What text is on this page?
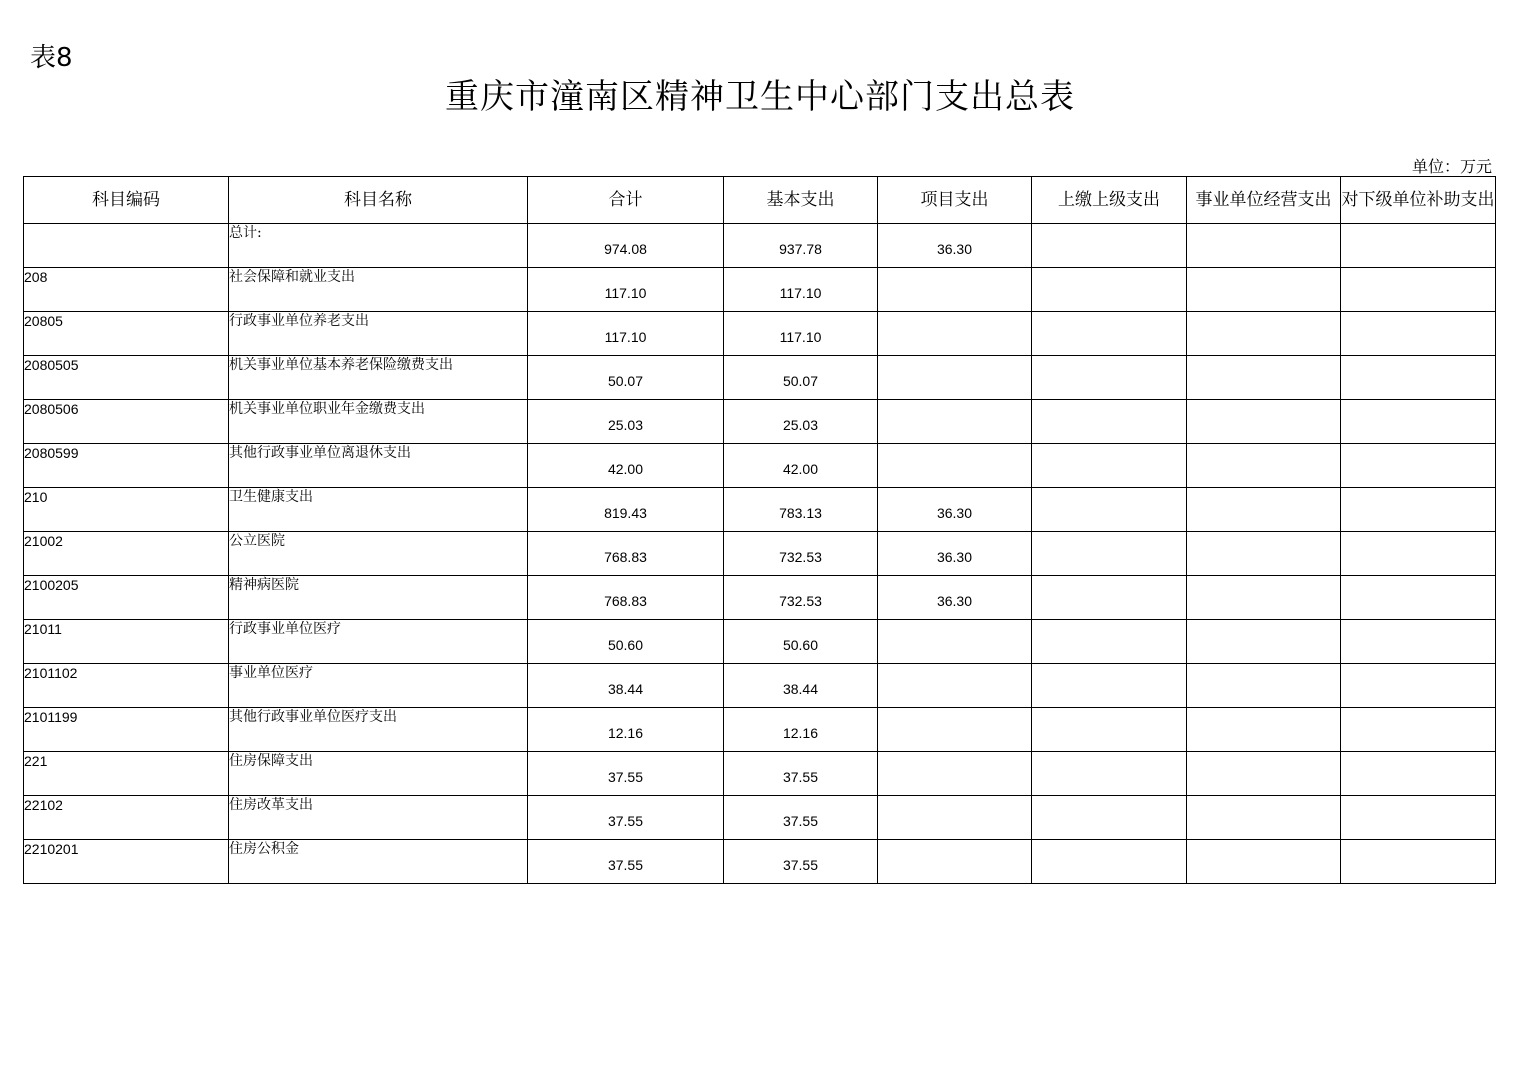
表8
重庆市潼南区精神卫生中心部门支出总表
单位：万元
科目编码	科目名称	合计	基本支出	项目支出	上缴上级支出	事业单位经营支出	对下级单位补助支出
	总计:	974.08	937.78	36.30			
208	社会保障和就业支出	117.10	117.10				
20805	行政事业单位养老支出	117.10	117.10				
2080505	机关事业单位基本养老保险缴费支出	50.07	50.07				
2080506	机关事业单位职业年金缴费支出	25.03	25.03				
2080599	其他行政事业单位离退休支出	42.00	42.00				
210	卫生健康支出	819.43	783.13	36.30			
21002	公立医院	768.83	732.53	36.30			
2100205	精神病医院	768.83	732.53	36.30			
21011	行政事业单位医疗	50.60	50.60				
2101102	事业单位医疗	38.44	38.44				
2101199	其他行政事业单位医疗支出	12.16	12.16				
221	住房保障支出	37.55	37.55				
22102	住房改革支出	37.55	37.55				
2210201	住房公积金	37.55	37.55				
